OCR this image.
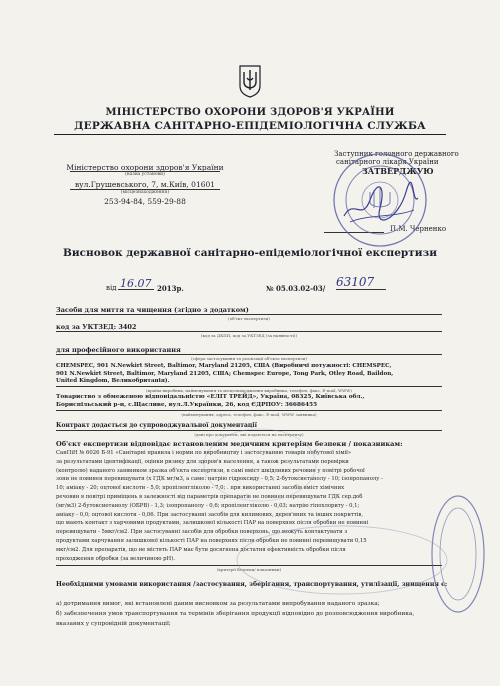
МІНІСТЕРСТВО ОХОРОНИ ЗДОРОВ'Я УКРАЇНИ
ДЕРЖАВНА САНІТАРНО-ЕПІДЕМІОЛОГІЧНА СЛУЖБА
Міністерство охорони здоров'я України
(назва установи)
вул.Грушевського, 7, м.Київ, 01601
(місцезнаходження)
253-94-84, 559-29-88
Заступник головного державного
санітарного лікаря України
ЗАТВЕРДЖУЮ
П.М. Черненко
Висновок державної санітарно-епідеміологічної експертизи
від 16.07 2013р.	№ 05.03.02-03/ 63107
Засоби для миття та чищення (згідно з додатком)
(об'єкт експертизи)
код за УКТЗЕД: 3402
(код за ДКПП, код за УКТЗЕД (за наявності))
для професійного використання
(сфера застосування та реалізації об'єкта експертизи)
CHEMSPEC, 901 N.Newkirt Street, Baltimor, Maryland 21205, США (Виробничі потужності: CHEMSPEC,
901 N.Newkirt Street, Baltimor, Maryland 21205, США; Chemspec Europe, Tong Park, Otley Road, Baildon,
United Kingdom, Великобританія).
(країна-виробник, найменування та місцезнаходження виробника, телефон, факс, E-mail, WWW)
Товариство з обмеженою відповідальністю «ЕЛІТ ТРЕЙД», Україна, 08325, Київська обл.,
Бориспільський р-н, с.Щасливе, вул.Л.Українки, 26, код ЄДРПОУ: 36686455
(найменування, адреса, телефон, факс, E-mail, WWW заявника)
Контракт додається до супроводжувальної документації
(дані про документи, які подаються на експертизу)
Об'єкт експертизи відповідає встановленим медичним критеріям безпеки / показникам:
СанПіН № 6026 Б-91 «Санітарні правила і норми по виробництву і застосуванню товарів побутової хімії»
за результатами ідентифікації, оцінки ризику для здоров'я населення, а також результатами перевірки
(контролю) наданого заявником зразка об'єкта експертизи, в самі вміст шкідливих речовин у повітрі робочої
зони не повинен перевищувати (х ГДК мг/м3, а саме: натрію гідроксиду - 0,5; 2-бутоксиетанолу - 10; ізопропанолу -
10; аміаку - 20; оцтової кислоти - 5,0; пропіленгліколю - 7,0; . при використанні засобів вміст хімічних
речовин в повітрі приміщень в залежності від параметрів препаратів не повинен перевищувати ГДК сер.доб
(мг/м3) 2-бутоксиетанолу (ОБРВ) - 1,3; ізопропанолу - 0,6; пропіленгліколю - 0,03; натрію гіпохлориту - 0,1;
аміаку - 0,0; оцтової кислоти - 0,06. При застосуванні засобів для килимових, дерев'яних та інших покриттів,
що мають контакт з харчовими продуктами, залишкової кількості ПАР на поверхнях після обробки не повинні
перевищувати - 5мкг/см2. При застосуванні засобів для обробки поверхонь, що можуть контактувати з
продуктами харчування залишкової кількості ПАР на поверхнях після обробки не повинні перевищувати 0,15
мкг/см2. Для препаратів, що не містять ПАР має бути досягнена достатня ефективність обробки після
проходження обробки (за величиною рН).
(критерії безпеки/ показники)
Необхідними умовами використання /застосування, зберігання, транспортування, утилізації, знищення є:
а) дотримання вимог, які встановлені даним висновком за результатами випробування наданого зразка;
б) забезпечення умов транспортування та термінів зберігання продукції відповідно до розповсюдження виробника,
вказаних у супровідній документації;
